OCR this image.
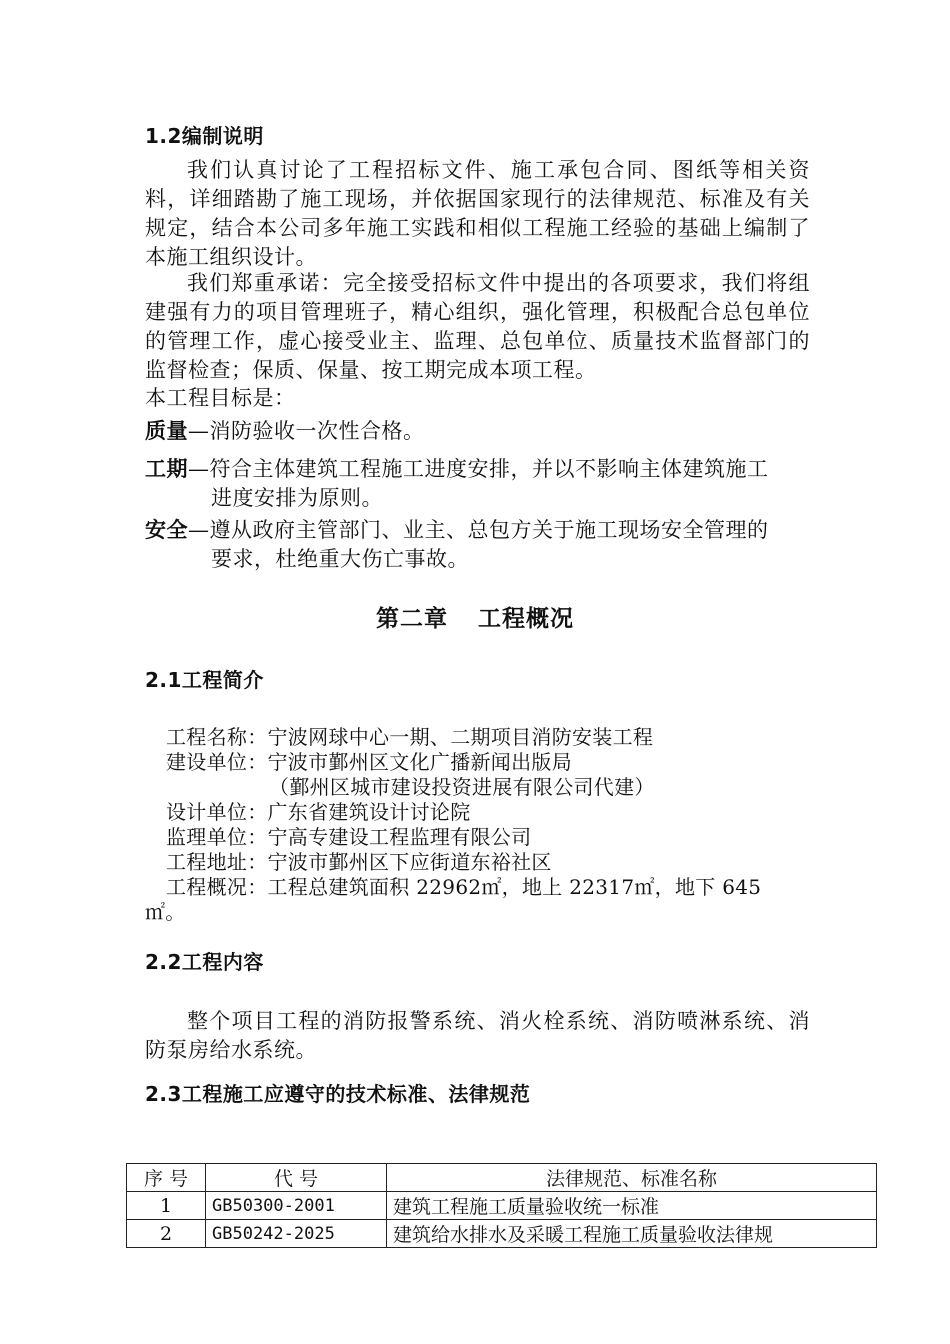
1.2编制说明
我们认真讨论了工程招标文件、施工承包合同、图纸等相关资料，详细踏勘了施工现场，并依据国家现行的法律规范、标准及有关规定，结合本公司多年施工实践和相似工程施工经验的基础上编制了本施工组织设计。
我们郑重承诺：完全接受招标文件中提出的各项要求，我们将组建强有力的项目管理班子，精心组织，强化管理，积极配合总包单位的管理工作，虚心接受业主、监理、总包单位、质量技术监督部门的监督检查；保质、保量、按工期完成本项工程。
本工程目标是：
质量—消防验收一次性合格。
工期—符合主体建筑工程施工进度安排，并以不影响主体建筑施工
进度安排为原则。
安全—遵从政府主管部门、业主、总包方关于施工现场安全管理的
要求，杜绝重大伤亡事故。
第二章 工程概况
2.1工程简介
工程名称：宁波网球中心一期、二期项目消防安装工程
建设单位：宁波市鄞州区文化广播新闻出版局
（鄞州区城市建设投资进展有限公司代建）
设计单位：广东省建筑设计讨论院
监理单位：宁高专建设工程监理有限公司
工程地址：宁波市鄞州区下应街道东裕社区
工程概况：工程总建筑面积 22962㎡，地上 22317㎡，地下 645
㎡。
2.2工程内容
整个项目工程的消防报警系统、消火栓系统、消防喷淋系统、消防泵房给水系统。
2.3工程施工应遵守的技术标准、法律规范
序 号	代 号	法律规范、标准名称
1	GB50300-2001	建筑工程施工质量验收统一标准
2	GB50242-2025	建筑给水排水及采暖工程施工质量验收法律规
